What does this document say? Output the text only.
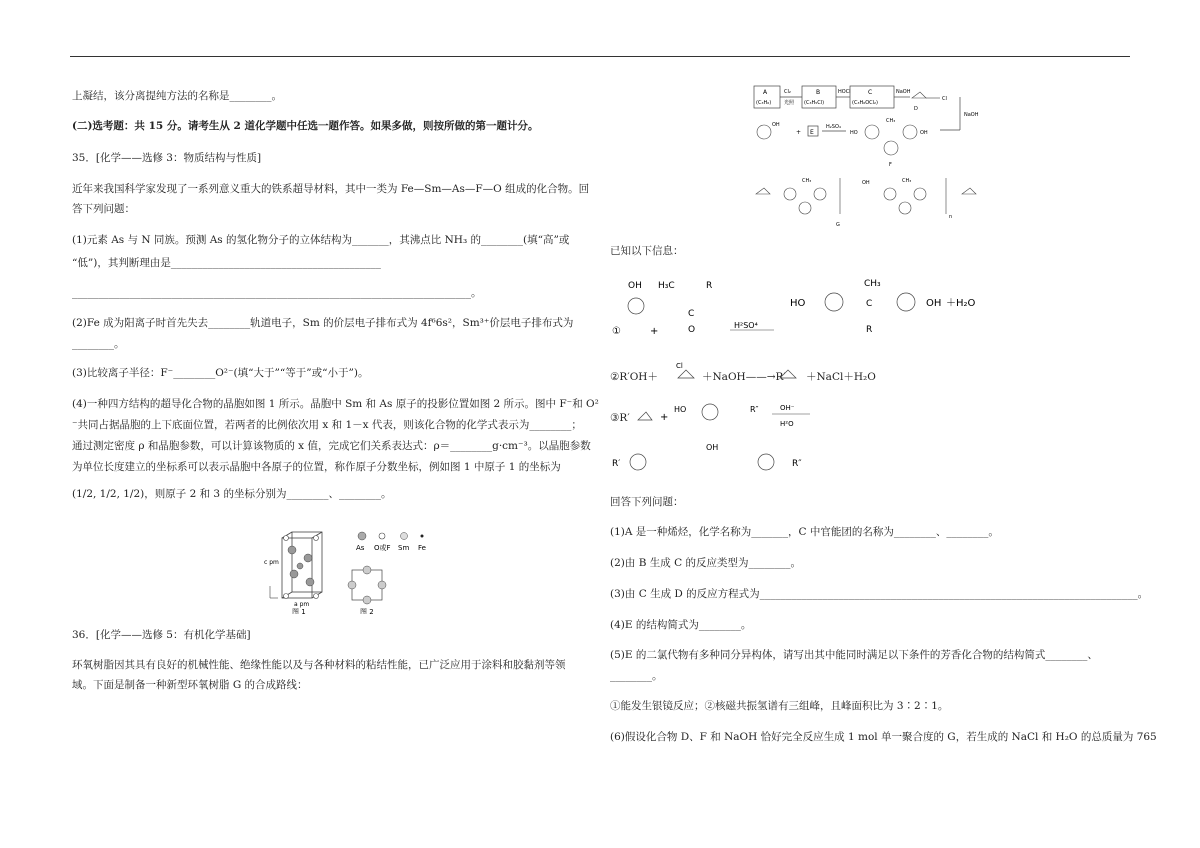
上凝结，该分离提纯方法的名称是________。
(二)选考题：共 15 分。请考生从 2 道化学题中任选一题作答。如果多做，则按所做的第一题计分。
35．[化学——选修 3：物质结构与性质]
近年来我国科学家发现了一系列意义重大的铁系超导材料，其中一类为 Fe—Sm—As—F—O 组成的化合物。回
答下列问题：
(1)元素 As 与 N 同族。预测 As 的氢化物分子的立体结构为_______，其沸点比 NH₃ 的________(填“高”或
“低”)，其判断理由是________________________________________
____________________________________________________________________________。
(2)Fe 成为阳离子时首先失去________轨道电子，Sm 的价层电子排布式为 4f⁶6s²，Sm³⁺价层电子排布式为
________。
(3)比较离子半径：F⁻________O²⁻(填“大于”“等于”或“小于”)。
(4)一种四方结构的超导化合物的晶胞如图 1 所示。晶胞中 Sm 和 As 原子的投影位置如图 2 所示。图中 F⁻和 O²
⁻共同占据晶胞的上下底面位置，若两者的比例依次用 x 和 1－x 代表，则该化合物的化学式表示为________；
通过测定密度 ρ 和晶胞参数，可以计算该物质的 x 值，完成它们关系表达式：ρ＝________g·cm⁻³。以晶胞参数
为单位长度建立的坐标系可以表示晶胞中各原子的位置，称作原子分数坐标，例如图 1 中原子 1 的坐标为
(1/2, 1/2, 1/2)，则原子 2 和 3 的坐标分别为________、________。
As O或F Sm Fe
c pm
a pm
图 1	图 2
36．[化学——选修 5：有机化学基础]
环氧树脂因其具有良好的机械性能、绝缘性能以及与各种材料的粘结性能，已广泛应用于涂料和胶黏剂等领
域。下面是制备一种新型环氧树脂 G 的合成路线：
A
(C₃H₆)
B
(C₃H₅Cl)
C
(C₃H₆OCl₂)
Cl₂
光照
HOCl	NaOH
D
Cl
NaOH
OH
+ E
H₂SO₄
HO
CH₃
OH
F
CH₃	OH	CH₃
n
G
已知以下信息：
OH
①	+
H₃C	R
C
O	H²SO⁴
HO
CH₃
C
R
OH ＋H₂O
②R′OH＋
Cl
＋NaOH——→R′ ＋NaCl＋H₂O
③R′	+
HO	R″	OH⁻
H²O
R′
OH
R″
回答下列问题：
(1)A 是一种烯烃，化学名称为_______，C 中官能团的名称为________、________。
(2)由 B 生成 C 的反应类型为________。
(3)由 C 生成 D 的反应方程式为________________________________________________________________________。
(4)E 的结构简式为________。
(5)E 的二氯代物有多种同分异构体，请写出其中能同时满足以下条件的芳香化合物的结构简式________、
________。
①能发生银镜反应；②核磁共振氢谱有三组峰，且峰面积比为 3∶2∶1。
(6)假设化合物 D、F 和 NaOH 恰好完全反应生成 1 mol 单一聚合度的 G，若生成的 NaCl 和 H₂O 的总质量为 765
